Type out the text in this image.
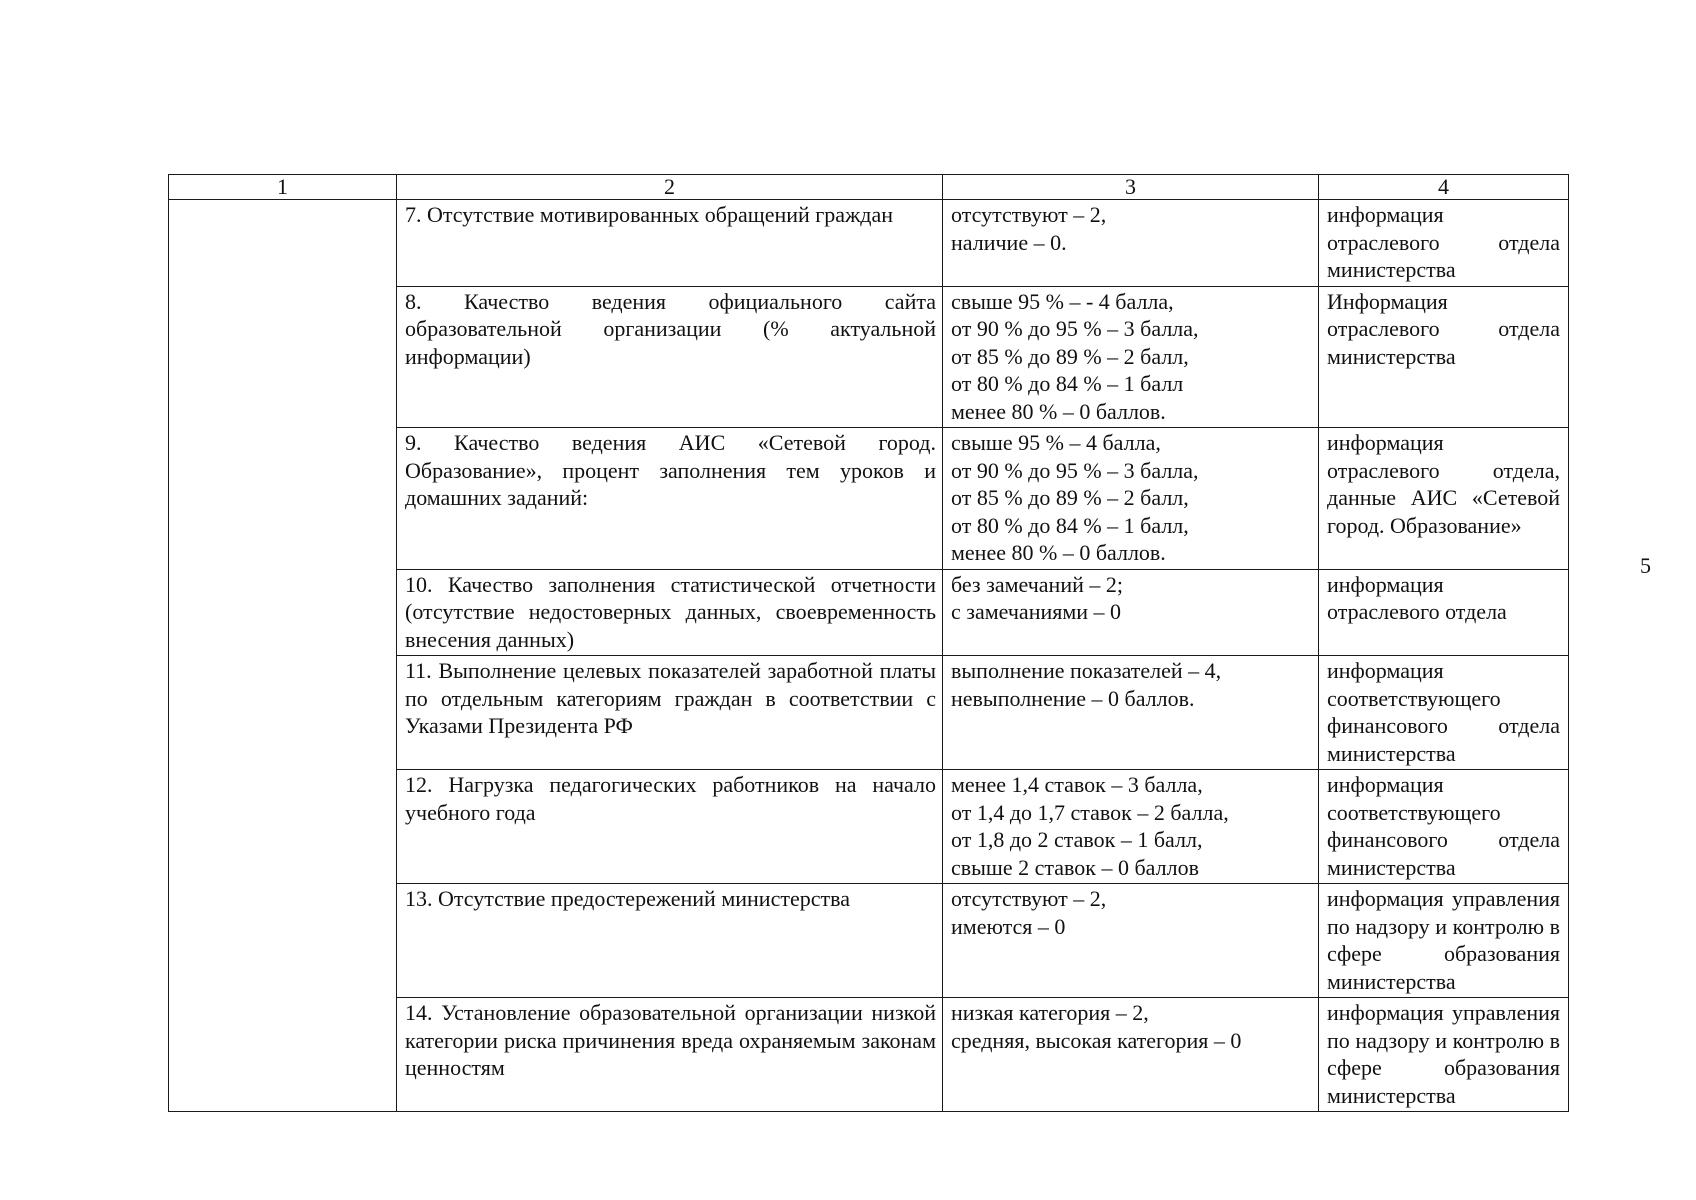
1	2	3	4
	7. Отсутствие мотивированных обращений граждан	отсутствуют – 2,
наличие – 0.	информация отраслевого отдела министерства
	8. Качество ведения официального сайта образовательной организации (% актуальной информации)	свыше 95 % – - 4 балла,
от 90 % до 95 % – 3 балла,
от 85 % до 89 % – 2 балл,
от 80 % до 84 % – 1 балл
менее 80 % – 0 баллов.	Информация отраслевого отдела министерства
	9. Качество ведения АИС «Сетевой город. Образование», процент заполнения тем уроков и домашних заданий:	свыше 95 % – 4 балла,
от 90 % до 95 % – 3 балла,
от 85 % до 89 % – 2 балл,
от 80 % до 84 % – 1 балл,
менее 80 % – 0 баллов.	информация отраслевого отдела, данные АИС «Сетевой город. Образование»
	10. Качество заполнения статистической отчетности (отсутствие недостоверных данных, своевременность внесения данных)	без замечаний – 2;
с замечаниями – 0	информация отраслевого отдела
	11. Выполнение целевых показателей заработной платы по отдельным категориям граждан в соответствии с Указами Президента РФ	выполнение показателей – 4,
невыполнение – 0 баллов.	информация соответствующего финансового отдела министерства
	12. Нагрузка педагогических работников на начало учебного года	менее 1,4 ставок – 3 балла,
от 1,4 до 1,7 ставок – 2 балла,
от 1,8 до 2 ставок – 1 балл,
свыше 2 ставок – 0 баллов	информация соответствующего финансового отдела министерства
	13. Отсутствие предостережений министерства	отсутствуют – 2,
имеются – 0	информация управления по надзору и контролю в сфере образования министерства
	14. Установление образовательной организации низкой категории риска причинения вреда охраняемым законам ценностям	низкая категория – 2,
средняя, высокая категория – 0	информация управления по надзору и контролю в сфере образования министерства
5
